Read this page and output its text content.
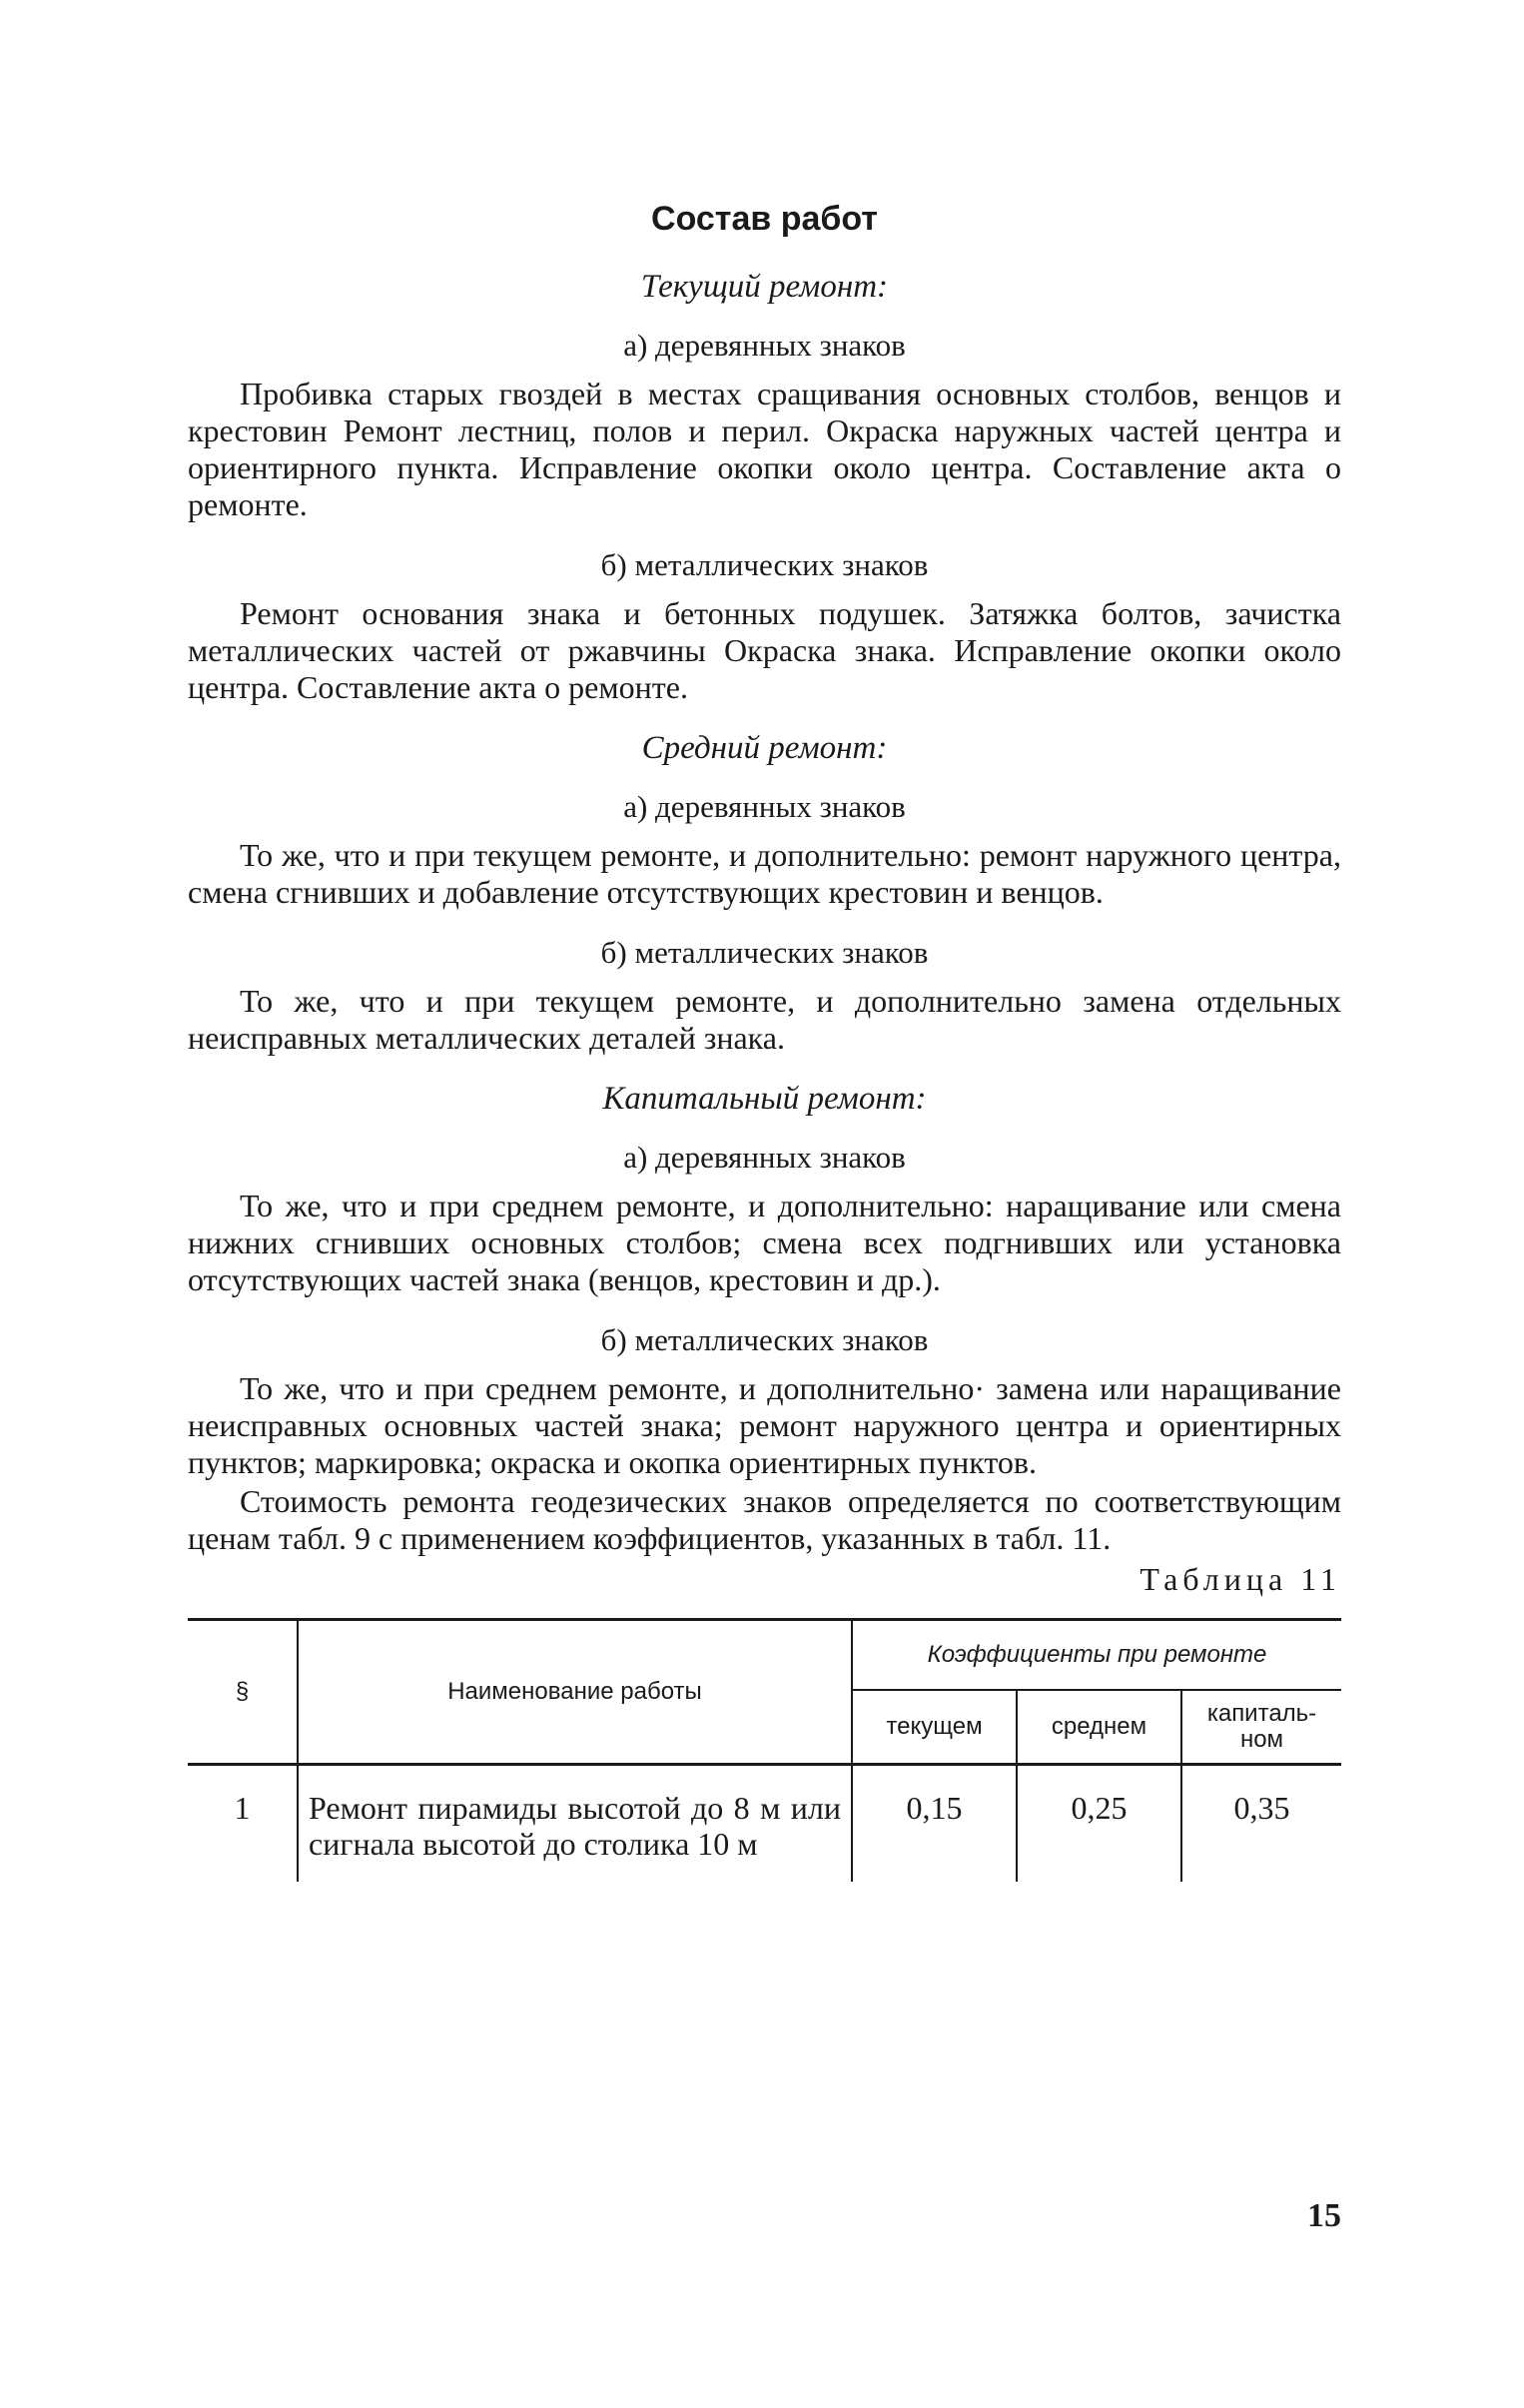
Состав работ
Текущий ремонт:
а) деревянных знаков

Пробивка старых гвоздей в местах сращивания основных столбов, венцов и крестовин Ремонт лестниц, полов и перил. Окраска наружных частей центра и ориентирного пункта. Исправление окопки около центра. Составление акта о ремонте.

б) металлических знаков

Ремонт основания знака и бетонных подушек. Затяжка болтов, зачистка металлических частей от ржавчины Окраска знака. Исправление окопки около центра. Составление акта о ремонте.

Средний ремонт:
а) деревянных знаков

То же, что и при текущем ремонте, и дополнительно: ремонт наружного центра, смена сгнивших и добавление отсутствующих крестовин и венцов.

б) металлических знаков

То же, что и при текущем ремонте, и дополнительно замена отдельных неисправных металлических деталей знака.

Капитальный ремонт:
а) деревянных знаков

То же, что и при среднем ремонте, и дополнительно: наращивание или смена нижних сгнивших основных столбов; смена всех подгнивших или установка отсутствующих частей знака (венцов, крестовин и др.).

б) металлических знаков

То же, что и при среднем ремонте, и дополнительно· замена или наращивание неисправных основных частей знака; ремонт наружного центра и ориентирных пунктов; маркировка; окраска и окопка ориентирных пунктов.

Стоимость ремонта геодезических знаков определяется по соответствующим ценам табл. 9 с применением коэффициентов, указанных в табл. 11.

Таблица 11
§	Наименование работы	Коэффициенты при ремонте		
		текущем	среднем	капиталь-ном
1	Ремонт пирамиды высотой до 8 м или сигнала высотой до столика 10 м	0,15	0,25	0,35
15
